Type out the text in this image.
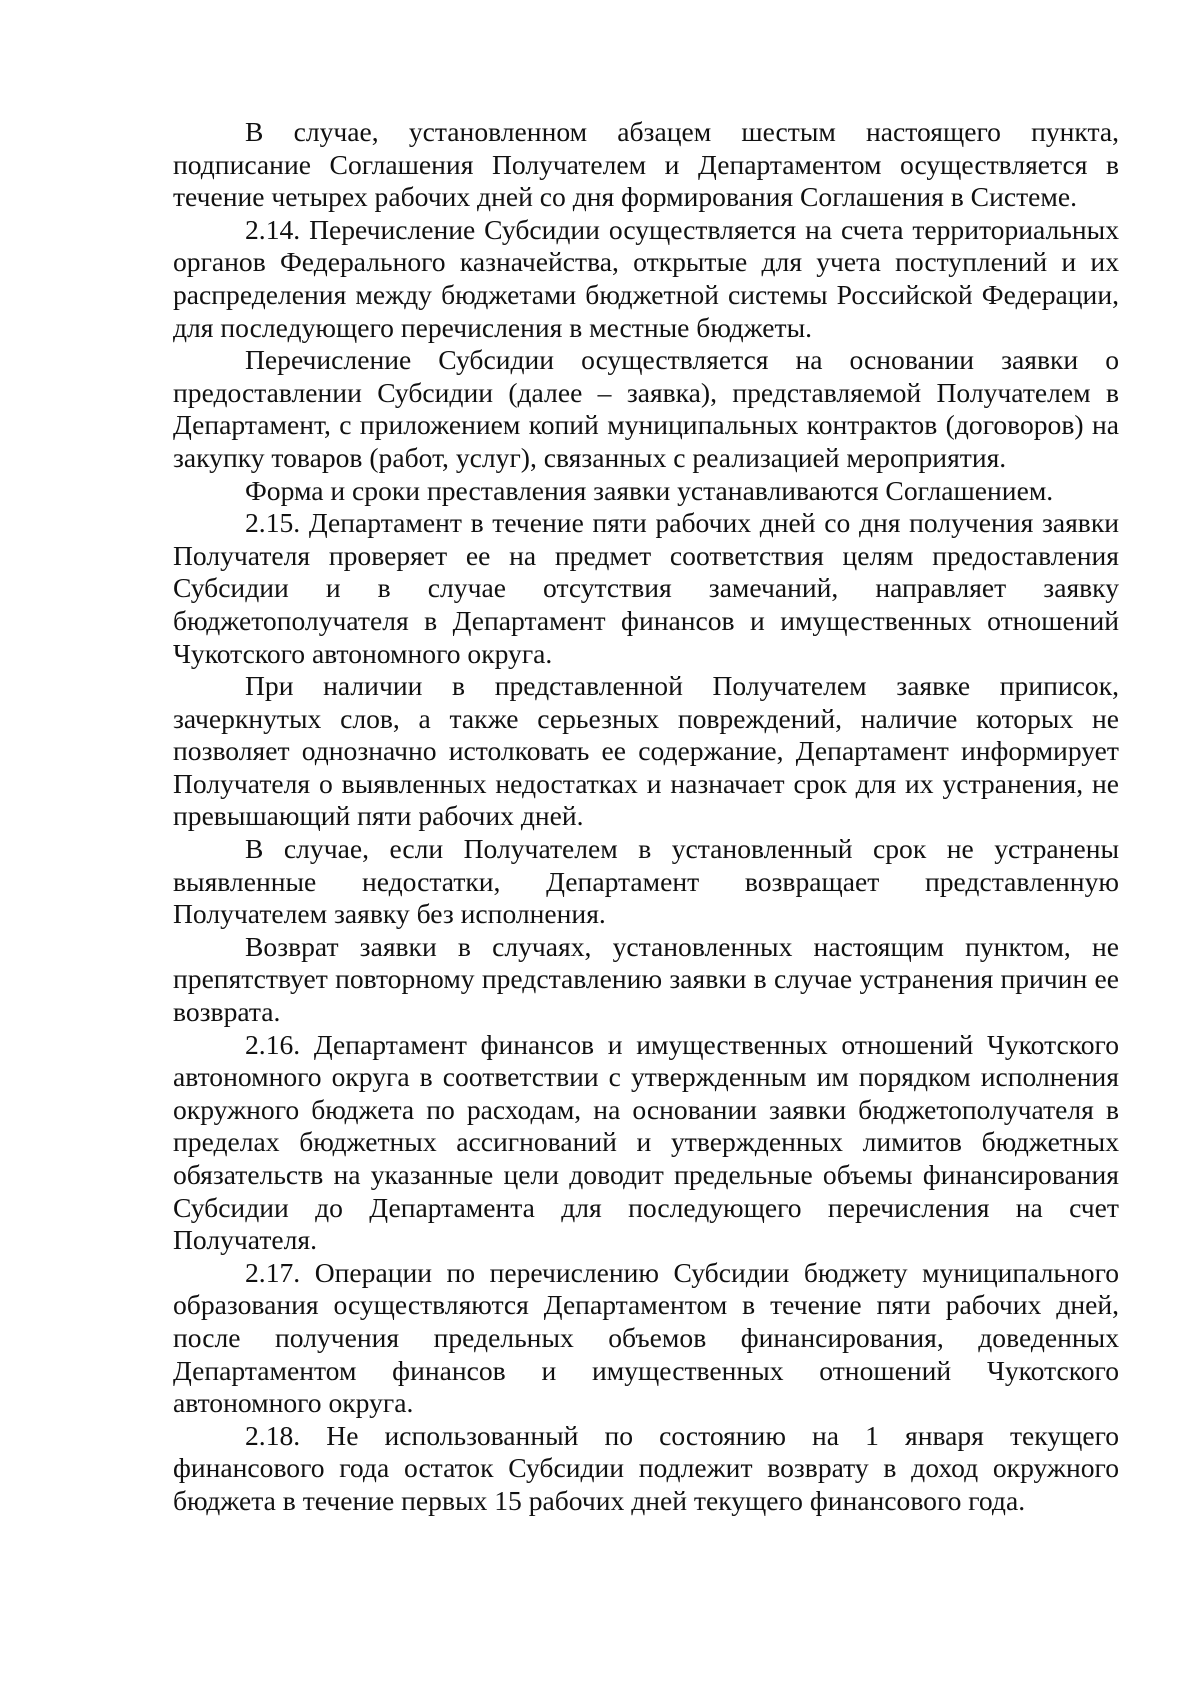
В случае, установленном абзацем шестым настоящего пункта, подписание Соглашения Получателем и Департаментом осуществляется в течение четырех рабочих дней со дня формирования Соглашения в Системе.

2.14. Перечисление Субсидии осуществляется на счета территориальных органов Федерального казначейства, открытые для учета поступлений и их распределения между бюджетами бюджетной системы Российской Федерации, для последующего перечисления в местные бюджеты.

Перечисление Субсидии осуществляется на основании заявки о предоставлении Субсидии (далее – заявка), представляемой Получателем в Департамент, с приложением копий муниципальных контрактов (договоров) на закупку товаров (работ, услуг), связанных с реализацией мероприятия.

Форма и сроки преставления заявки устанавливаются Соглашением.

2.15. Департамент в течение пяти рабочих дней со дня получения заявки Получателя проверяет ее на предмет соответствия целям предоставления Субсидии и в случае отсутствия замечаний, направляет заявку бюджетополучателя в Департамент финансов и имущественных отношений Чукотского автономного округа.

При наличии в представленной Получателем заявке приписок, зачеркнутых слов, а также серьезных повреждений, наличие которых не позволяет однозначно истолковать ее содержание, Департамент информирует Получателя о выявленных недостатках и назначает срок для их устранения, не превышающий пяти рабочих дней.

В случае, если Получателем в установленный срок не устранены выявленные недостатки, Департамент возвращает представленную Получателем заявку без исполнения.

Возврат заявки в случаях, установленных настоящим пунктом, не препятствует повторному представлению заявки в случае устранения причин ее возврата.

2.16. Департамент финансов и имущественных отношений Чукотского автономного округа в соответствии с утвержденным им порядком исполнения окружного бюджета по расходам, на основании заявки бюджетополучателя в пределах бюджетных ассигнований и утвержденных лимитов бюджетных обязательств на указанные цели доводит предельные объемы финансирования Субсидии до Департамента для последующего перечисления на счет Получателя.

2.17. Операции по перечислению Субсидии бюджету муниципального образования осуществляются Департаментом в течение пяти рабочих дней, после получения предельных объемов финансирования, доведенных Департаментом финансов и имущественных отношений Чукотского автономного округа.

2.18. Не использованный по состоянию на 1 января текущего финансового года остаток Субсидии подлежит возврату в доход окружного бюджета в течение первых 15 рабочих дней текущего финансового года.
